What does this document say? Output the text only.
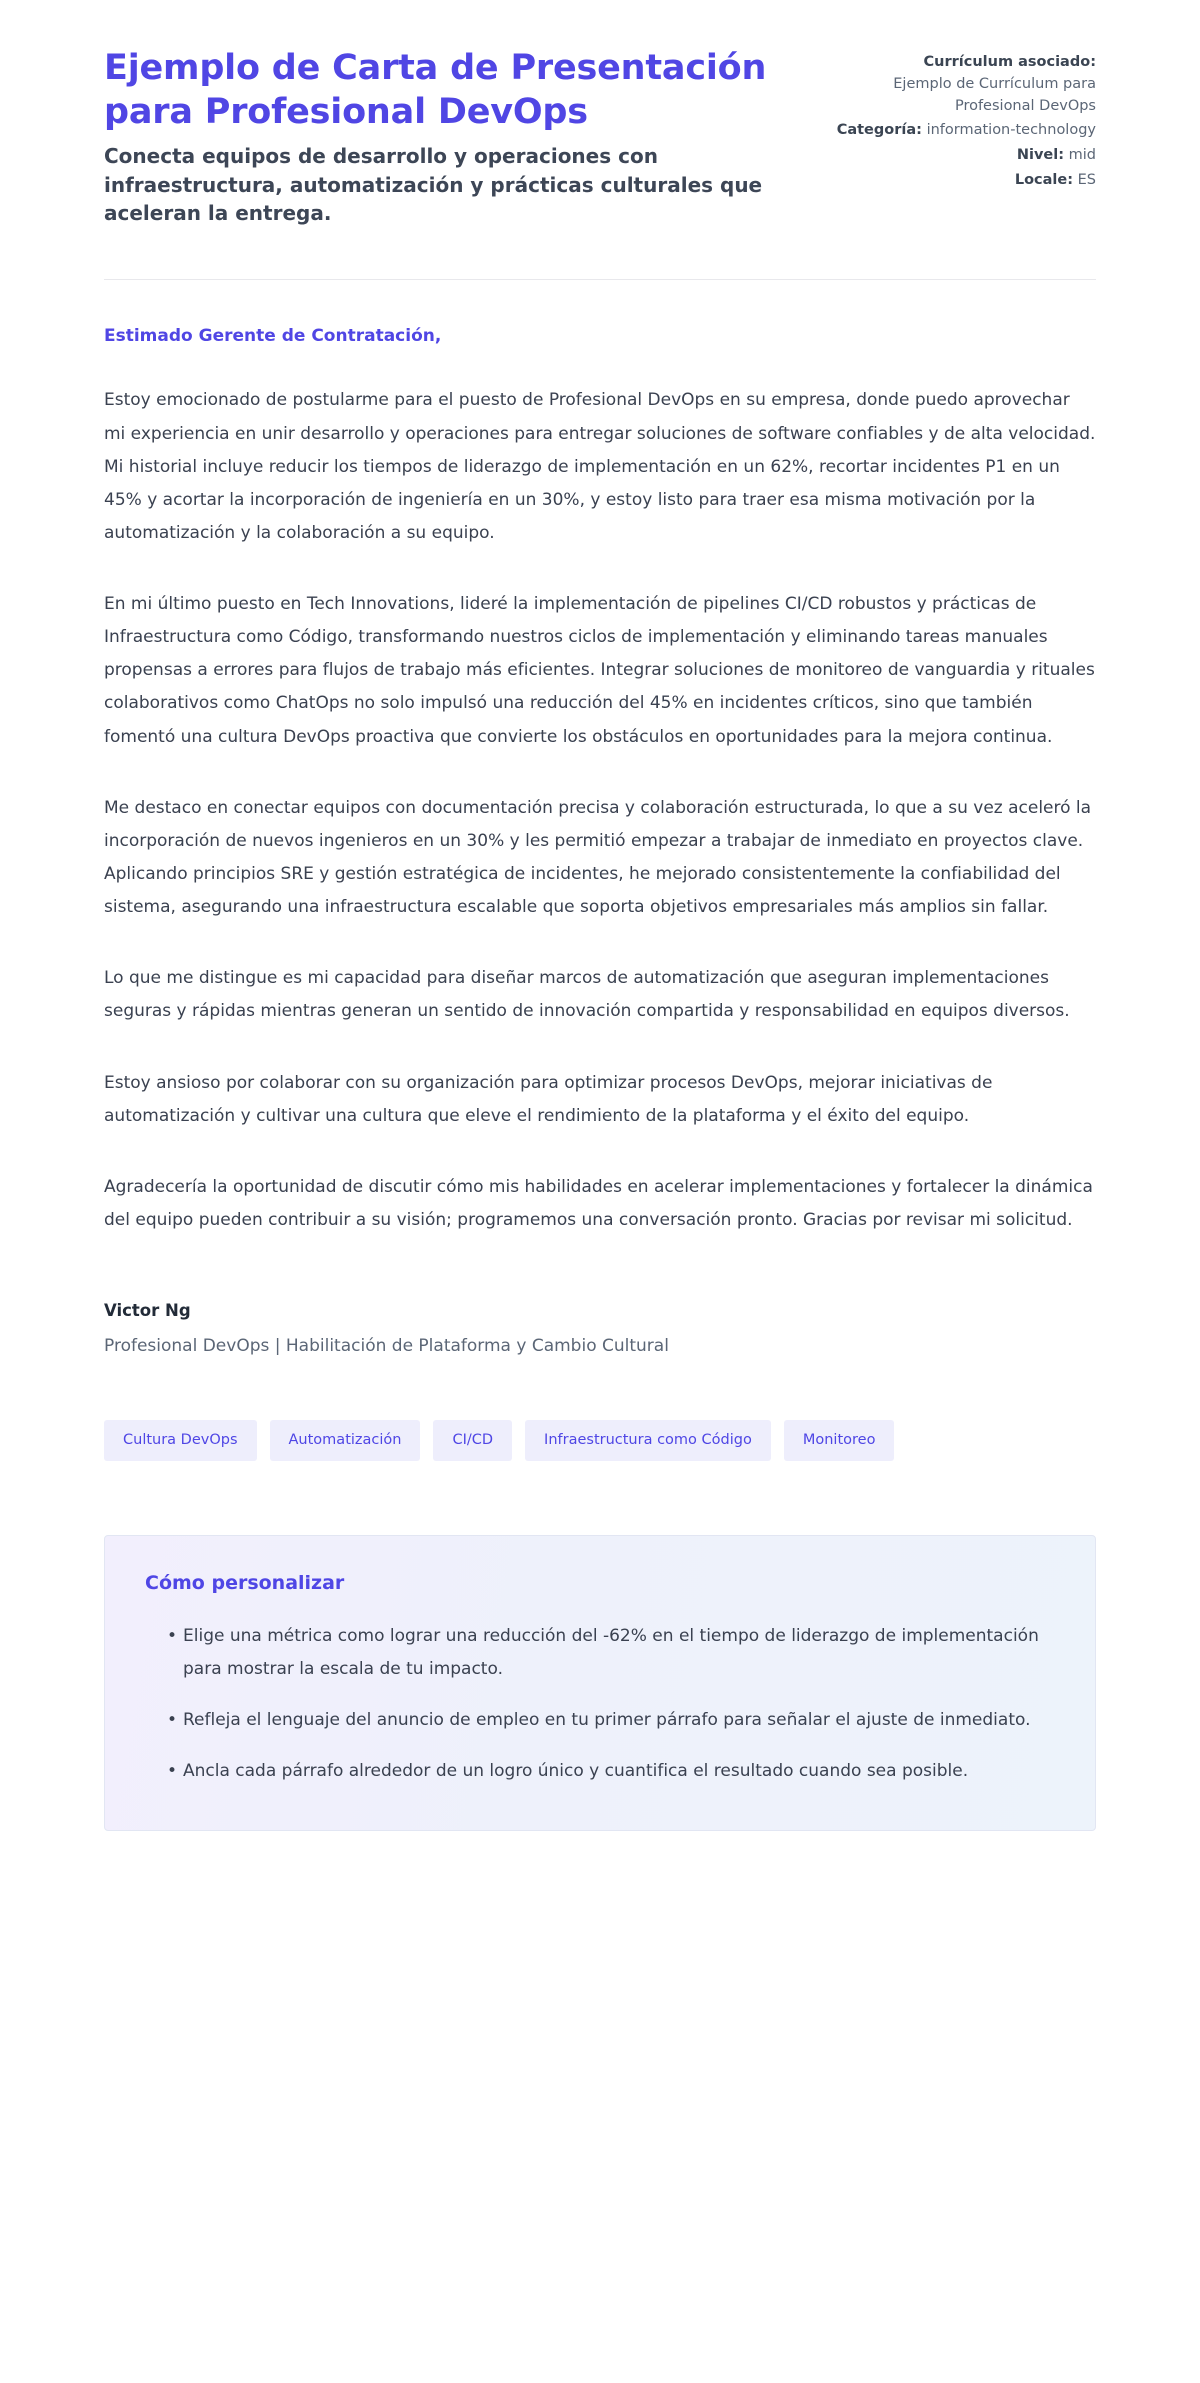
Ejemplo de Carta de Presentación para Profesional DevOps

Conecta equipos de desarrollo y operaciones con infraestructura, automatización y prácticas culturales que aceleran la entrega.

Currículum asociado:
Ejemplo de Currículum para Profesional DevOps
Categoría: information-technology
Nivel: mid
Locale: ES

Estimado Gerente de Contratación,

Estoy emocionado de postularme para el puesto de Profesional DevOps en su empresa, donde puedo aprovechar mi experiencia en unir desarrollo y operaciones para entregar soluciones de software confiables y de alta velocidad. Mi historial incluye reducir los tiempos de liderazgo de implementación en un 62%, recortar incidentes P1 en un 45% y acortar la incorporación de ingeniería en un 30%, y estoy listo para traer esa misma motivación por la automatización y la colaboración a su equipo.

En mi último puesto en Tech Innovations, lideré la implementación de pipelines CI/CD robustos y prácticas de Infraestructura como Código, transformando nuestros ciclos de implementación y eliminando tareas manuales propensas a errores para flujos de trabajo más eficientes. Integrar soluciones de monitoreo de vanguardia y rituales colaborativos como ChatOps no solo impulsó una reducción del 45% en incidentes críticos, sino que también fomentó una cultura DevOps proactiva que convierte los obstáculos en oportunidades para la mejora continua.

Me destaco en conectar equipos con documentación precisa y colaboración estructurada, lo que a su vez aceleró la incorporación de nuevos ingenieros en un 30% y les permitió empezar a trabajar de inmediato en proyectos clave. Aplicando principios SRE y gestión estratégica de incidentes, he mejorado consistentemente la confiabilidad del sistema, asegurando una infraestructura escalable que soporta objetivos empresariales más amplios sin fallar.

Lo que me distingue es mi capacidad para diseñar marcos de automatización que aseguran implementaciones seguras y rápidas mientras generan un sentido de innovación compartida y responsabilidad en equipos diversos.

Estoy ansioso por colaborar con su organización para optimizar procesos DevOps, mejorar iniciativas de automatización y cultivar una cultura que eleve el rendimiento de la plataforma y el éxito del equipo.

Agradecería la oportunidad de discutir cómo mis habilidades en acelerar implementaciones y fortalecer la dinámica del equipo pueden contribuir a su visión; programemos una conversación pronto. Gracias por revisar mi solicitud.

Victor Ng

Profesional DevOps | Habilitación de Plataforma y Cambio Cultural

Cultura DevOps	Automatización	CI/CD	Infraestructura como Código	Monitoreo
Cómo personalizar
• Elige una métrica como lograr una reducción del -62% en el tiempo de liderazgo de implementación para mostrar la escala de tu impacto.
• Refleja el lenguaje del anuncio de empleo en tu primer párrafo para señalar el ajuste de inmediato.
• Ancla cada párrafo alrededor de un logro único y cuantifica el resultado cuando sea posible.
